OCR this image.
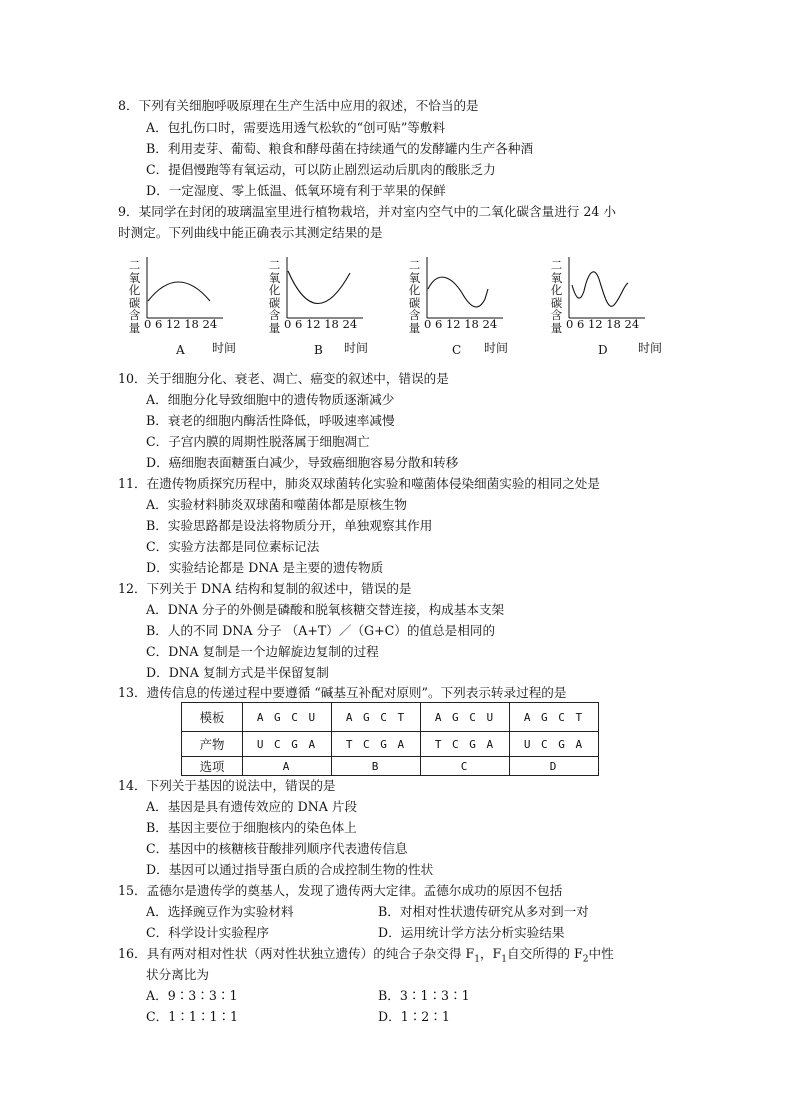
8．下列有关细胞呼吸原理在生产生活中应用的叙述，不恰当的是
A．包扎伤口时，需要选用透气松软的“创可贴”等敷料
B．利用麦芽、葡萄、粮食和酵母菌在持续通气的发酵罐内生产各种酒
C．提倡慢跑等有氧运动，可以防止剧烈运动后肌肉的酸胀乏力
D．一定湿度、零上低温、低氧环境有利于苹果的保鲜
9．某同学在封闭的玻璃温室里进行植物栽培，并对室内空气中的二氧化碳含量进行 24 小
时测定。下列曲线中能正确表示其测定结果的是
二氧化碳含量 0 6 12 18 24
A 时间
二氧化碳含量 0 6 12 18 24
B 时间
二氧化碳含量 0 6 12 18 24
C 时间
二氧化碳含量 0 6 12 18 24
D	时间
10．关于细胞分化、衰老、凋亡、癌变的叙述中，错误的是
A．细胞分化导致细胞中的遗传物质逐渐减少
B．衰老的细胞内酶活性降低，呼吸速率减慢
C．子宫内膜的周期性脱落属于细胞凋亡
D．癌细胞表面糖蛋白减少，导致癌细胞容易分散和转移
11．在遗传物质探究历程中，肺炎双球菌转化实验和噬菌体侵染细菌实验的相同之处是
A．实验材料肺炎双球菌和噬菌体都是原核生物
B．实验思路都是设法将物质分开，单独观察其作用
C．实验方法都是同位素标记法
D．实验结论都是 DNA 是主要的遗传物质
12．下列关于 DNA 结构和复制的叙述中，错误的是
A．DNA 分子的外侧是磷酸和脱氧核糖交替连接，构成基本支架
B．人的不同 DNA 分子 （A+T）／（G+C）的值总是相同的
C．DNA 复制是一个边解旋边复制的过程
D．DNA 复制方式是半保留复制
13．遗传信息的传递过程中要遵循 “碱基互补配对原则”。下列表示转录过程的是
模板	A G C U	A G C T	A G C U	A G C T
产物	U C G A	T C G A	T C G A	U C G A
选项	A	B	C	D
14．下列关于基因的说法中，错误的是
A．基因是具有遗传效应的 DNA 片段
B．基因主要位于细胞核内的染色体上
C．基因中的核糖核苷酸排列顺序代表遗传信息
D．基因可以通过指导蛋白质的合成控制生物的性状
15．孟德尔是遗传学的奠基人，发现了遗传两大定律。孟德尔成功的原因不包括
A．选择豌豆作为实验材料	B．对相对性状遗传研究从多对到一对
C．科学设计实验程序	D．运用统计学方法分析实验结果
16．具有两对相对性状（两对性状独立遗传）的纯合子杂交得 $F_1$，$F_1$自交所得的 $F_2$中性
状分离比为
A．9∶3∶3∶1	B．3∶1∶3∶1
C．1∶1∶1∶1	D．1∶2∶1
